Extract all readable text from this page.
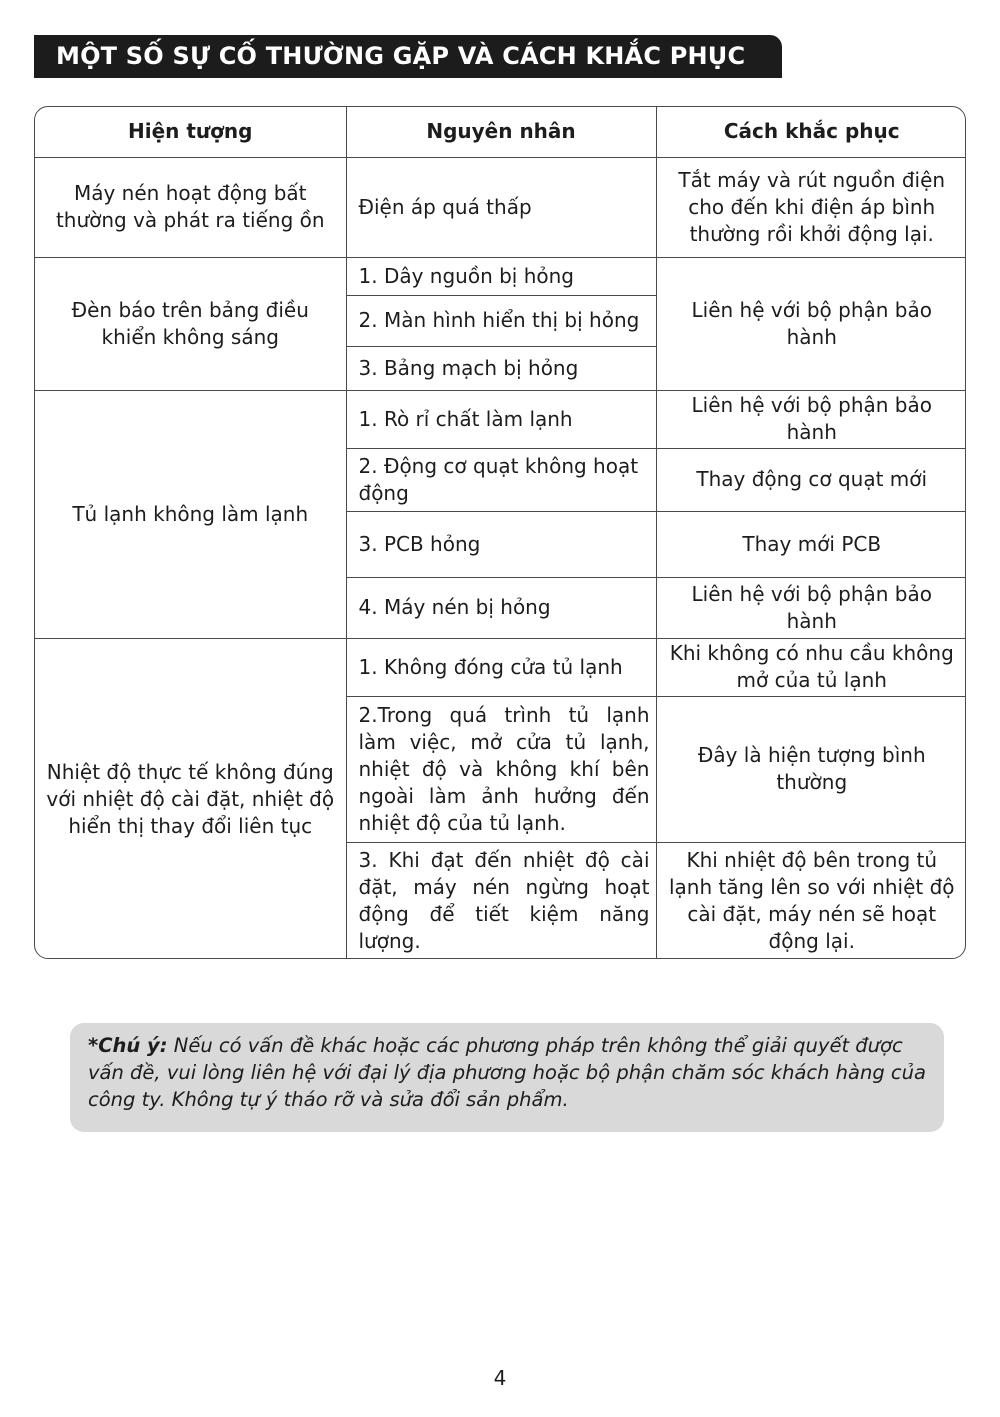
MỘT SỐ SỰ CỐ THƯỜNG GẶP VÀ CÁCH KHẮC PHỤC
Hiện tượng	Nguyên nhân	Cách khắc phục
Máy nén hoạt động bất thường và phát ra tiếng ồn	Điện áp quá thấp	Tắt máy và rút nguồn điện cho đến khi điện áp bình thường rồi khởi động lại.
Đèn báo trên bảng điều khiển không sáng	1. Dây nguồn bị hỏng	Liên hệ với bộ phận bảo hành
	2. Màn hình hiển thị bị hỏng	
	3. Bảng mạch bị hỏng	
Tủ lạnh không làm lạnh	1. Rò rỉ chất làm lạnh	Liên hệ với bộ phận bảo hành
	2. Động cơ quạt không hoạt động	Thay động cơ quạt mới
	3. PCB hỏng	Thay mới PCB
	4. Máy nén bị hỏng	Liên hệ với bộ phận bảo hành
Nhiệt độ thực tế không đúng với nhiệt độ cài đặt, nhiệt độ hiển thị thay đổi liên tục	1. Không đóng cửa tủ lạnh	Khi không có nhu cầu không mở của tủ lạnh
	2.Trong quá trình tủ lạnh làm việc, mở cửa tủ lạnh, nhiệt độ và không khí bên ngoài làm ảnh hưởng đến nhiệt độ của tủ lạnh.	Đây là hiện tượng bình thường
	3. Khi đạt đến nhiệt độ cài đặt, máy nén ngừng hoạt động để tiết kiệm năng lượng.	Khi nhiệt độ bên trong tủ lạnh tăng lên so với nhiệt độ cài đặt, máy nén sẽ hoạt động lại.
*Chú ý: Nếu có vấn đề khác hoặc các phương pháp trên không thể giải quyết được vấn đề, vui lòng liên hệ với đại lý địa phương hoặc bộ phận chăm sóc khách hàng của công ty. Không tự ý tháo rỡ và sửa đổi sản phẩm.
4
